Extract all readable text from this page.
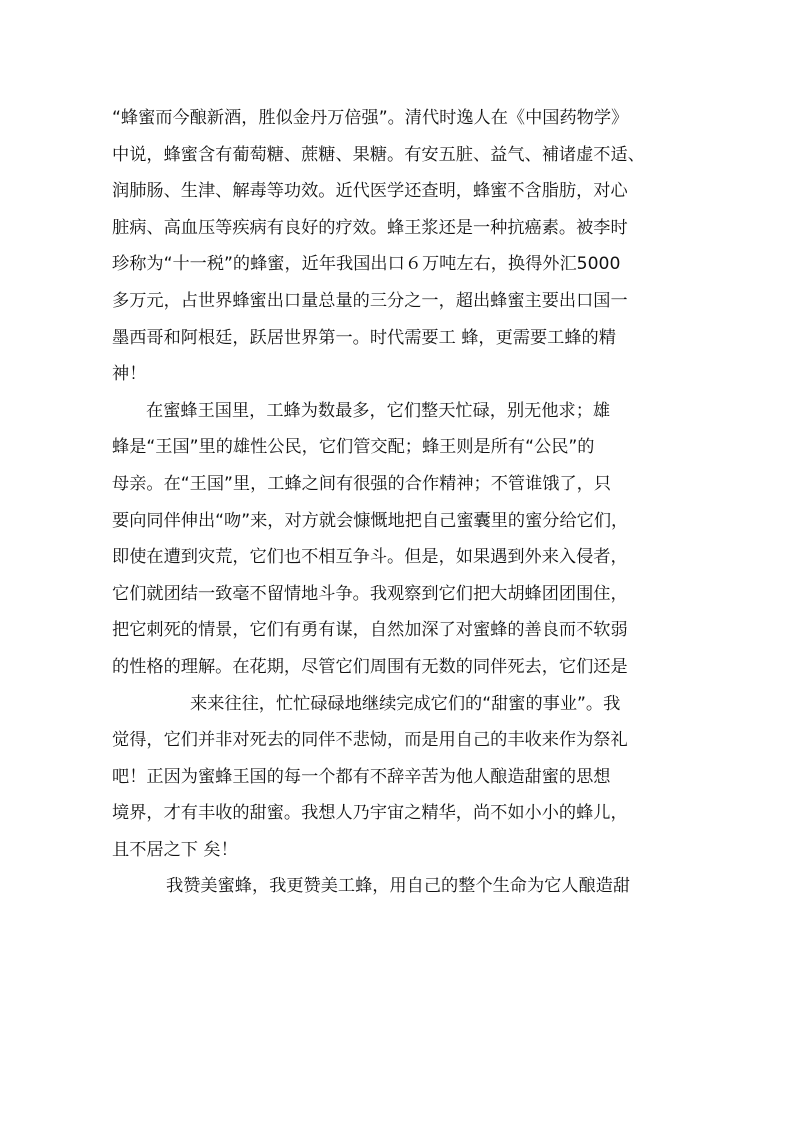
“蜂蜜而今酿新酒，胜似金丹万倍强”。清代时逸人在《中国药物学》
中说，蜂蜜含有葡萄糖、蔗糖、果糖。有安五脏、益气、補诸虚不适、
润肺肠、生津、解毒等功效。近代医学还查明，蜂蜜不含脂肪，对心
脏病、高血压等疾病有良好的疗效。蜂王浆还是一种抗癌素。被李时
珍称为“十一税”的蜂蜜，近年我国出口６万吨左右，换得外汇5000
多万元，占世界蜂蜜出口量总量的三分之一，超出蜂蜜主要出口国一
墨西哥和阿根廷，跃居世界第一。时代需要工 蜂，更需要工蜂的精
神！
在蜜蜂王国里，工蜂为数最多，它们整天忙碌，别无他求；雄
蜂是“王国”里的雄性公民，它们管交配；蜂王则是所有“公民”的
母亲。在“王国”里，工蜂之间有很强的合作精神；不管谁饿了，只
要向同伴伸出“吻”来，对方就会慷慨地把自己蜜囊里的蜜分给它们，
即使在遭到灾荒，它们也不相互争斗。但是，如果遇到外来入侵者，
它们就团结一致毫不留情地斗争。我观察到它们把大胡蜂团团围住，
把它刺死的情景，它们有勇有谋，自然加深了对蜜蜂的善良而不软弱
的性格的理解。在花期，尽管它们周围有无数的同伴死去，它们还是
来来往往，忙忙碌碌地继续完成它们的“甜蜜的事业”。我
觉得，它们并非对死去的同伴不悲恸，而是用自己的丰收来作为祭礼
吧！正因为蜜蜂王国的每一个都有不辞辛苦为他人酿造甜蜜的思想
境界，才有丰收的甜蜜。我想人乃宇宙之精华，尚不如小小的蜂儿，
且不居之下 矣！
我赞美蜜蜂，我更赞美工蜂，用自己的整个生命为它人酿造甜
